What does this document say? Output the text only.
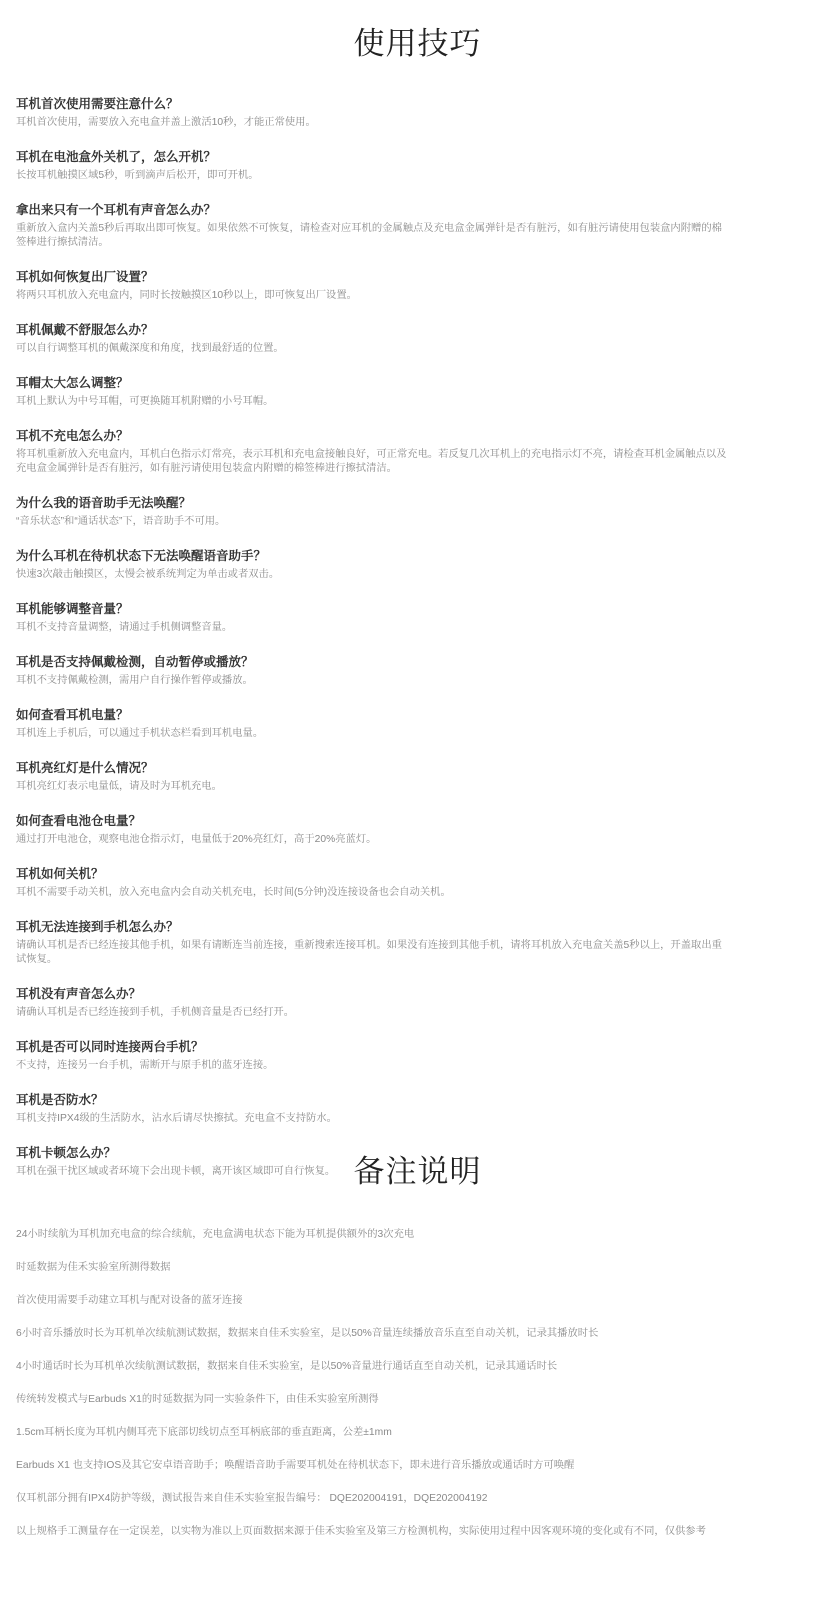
使用技巧
耳机首次使用需要注意什么？
耳机首次使用，需要放入充电盒并盖上激活10秒，才能正常使用。
耳机在电池盒外关机了，怎么开机？
长按耳机触摸区域5秒，听到滴声后松开，即可开机。
拿出来只有一个耳机有声音怎么办？
重新放入盒内关盖5秒后再取出即可恢复。如果依然不可恢复，请检查对应耳机的金属触点及充电盒金属弹针是否有脏污，如有脏污请使用包装盒内附赠的棉签棒进行擦拭清洁。
耳机如何恢复出厂设置？
将两只耳机放入充电盒内，同时长按触摸区10秒以上，即可恢复出厂设置。
耳机佩戴不舒服怎么办？
可以自行调整耳机的佩戴深度和角度，找到最舒适的位置。
耳帽太大怎么调整？
耳机上默认为中号耳帽，可更换随耳机附赠的小号耳帽。
耳机不充电怎么办？
将耳机重新放入充电盒内，耳机白色指示灯常亮，表示耳机和充电盒接触良好，可正常充电。若反复几次耳机上的充电指示灯不亮，请检查耳机金属触点以及充电盒金属弹针是否有脏污，如有脏污请使用包装盒内附赠的棉签棒进行擦拭清洁。
为什么我的语音助手无法唤醒？
“音乐状态”和“通话状态”下，语音助手不可用。
为什么耳机在待机状态下无法唤醒语音助手？
快速3次敲击触摸区，太慢会被系统判定为单击或者双击。
耳机能够调整音量？
耳机不支持音量调整，请通过手机侧调整音量。
耳机是否支持佩戴检测，自动暂停或播放？
耳机不支持佩戴检测，需用户自行操作暂停或播放。
如何查看耳机电量？
耳机连上手机后，可以通过手机状态栏看到耳机电量。
耳机亮红灯是什么情况？
耳机亮红灯表示电量低，请及时为耳机充电。
如何查看电池仓电量？
通过打开电池仓，观察电池仓指示灯，电量低于20%亮红灯，高于20%亮蓝灯。
耳机如何关机？
耳机不需要手动关机，放入充电盒内会自动关机充电，长时间(5分钟)没连接设备也会自动关机。
耳机无法连接到手机怎么办？
请确认耳机是否已经连接其他手机，如果有请断连当前连接，重新搜索连接耳机。如果没有连接到其他手机，请将耳机放入充电盒关盖5秒以上，开盖取出重试恢复。
耳机没有声音怎么办？
请确认耳机是否已经连接到手机，手机侧音量是否已经打开。
耳机是否可以同时连接两台手机？
不支持，连接另一台手机，需断开与原手机的蓝牙连接。
耳机是否防水？
耳机支持IPX4级的生活防水，沾水后请尽快擦拭。充电盒不支持防水。
耳机卡顿怎么办？
耳机在强干扰区域或者环境下会出现卡顿，离开该区域即可自行恢复。 备注说明
24小时续航为耳机加充电盒的综合续航，充电盒满电状态下能为耳机提供额外的3次充电
时延数据为佳禾实验室所测得数据
首次使用需要手动建立耳机与配对设备的蓝牙连接
6小时音乐播放时长为耳机单次续航测试数据，数据来自佳禾实验室，是以50%音量连续播放音乐直至自动关机，记录其播放时长
4小时通话时长为耳机单次续航测试数据，数据来自佳禾实验室，是以50%音量进行通话直至自动关机，记录其通话时长
传统转发模式与Earbuds X1的时延数据为同一实验条件下，由佳禾实验室所测得
1.5cm耳柄长度为耳机内侧耳壳下底部切线切点至耳柄底部的垂直距离，公差±1mm
Earbuds X1 也支持IOS及其它安卓语音助手；唤醒语音助手需要耳机处在待机状态下，即未进行音乐播放或通话时方可唤醒
仅耳机部分拥有IPX4防护等级，测试报告来自佳禾实验室报告编号： DQE202004191，DQE202004192
以上规格手工测量存在一定误差，以实物为准以上页面数据来源于佳禾实验室及第三方检测机构，实际使用过程中因客观环境的变化或有不同，仅供参考
